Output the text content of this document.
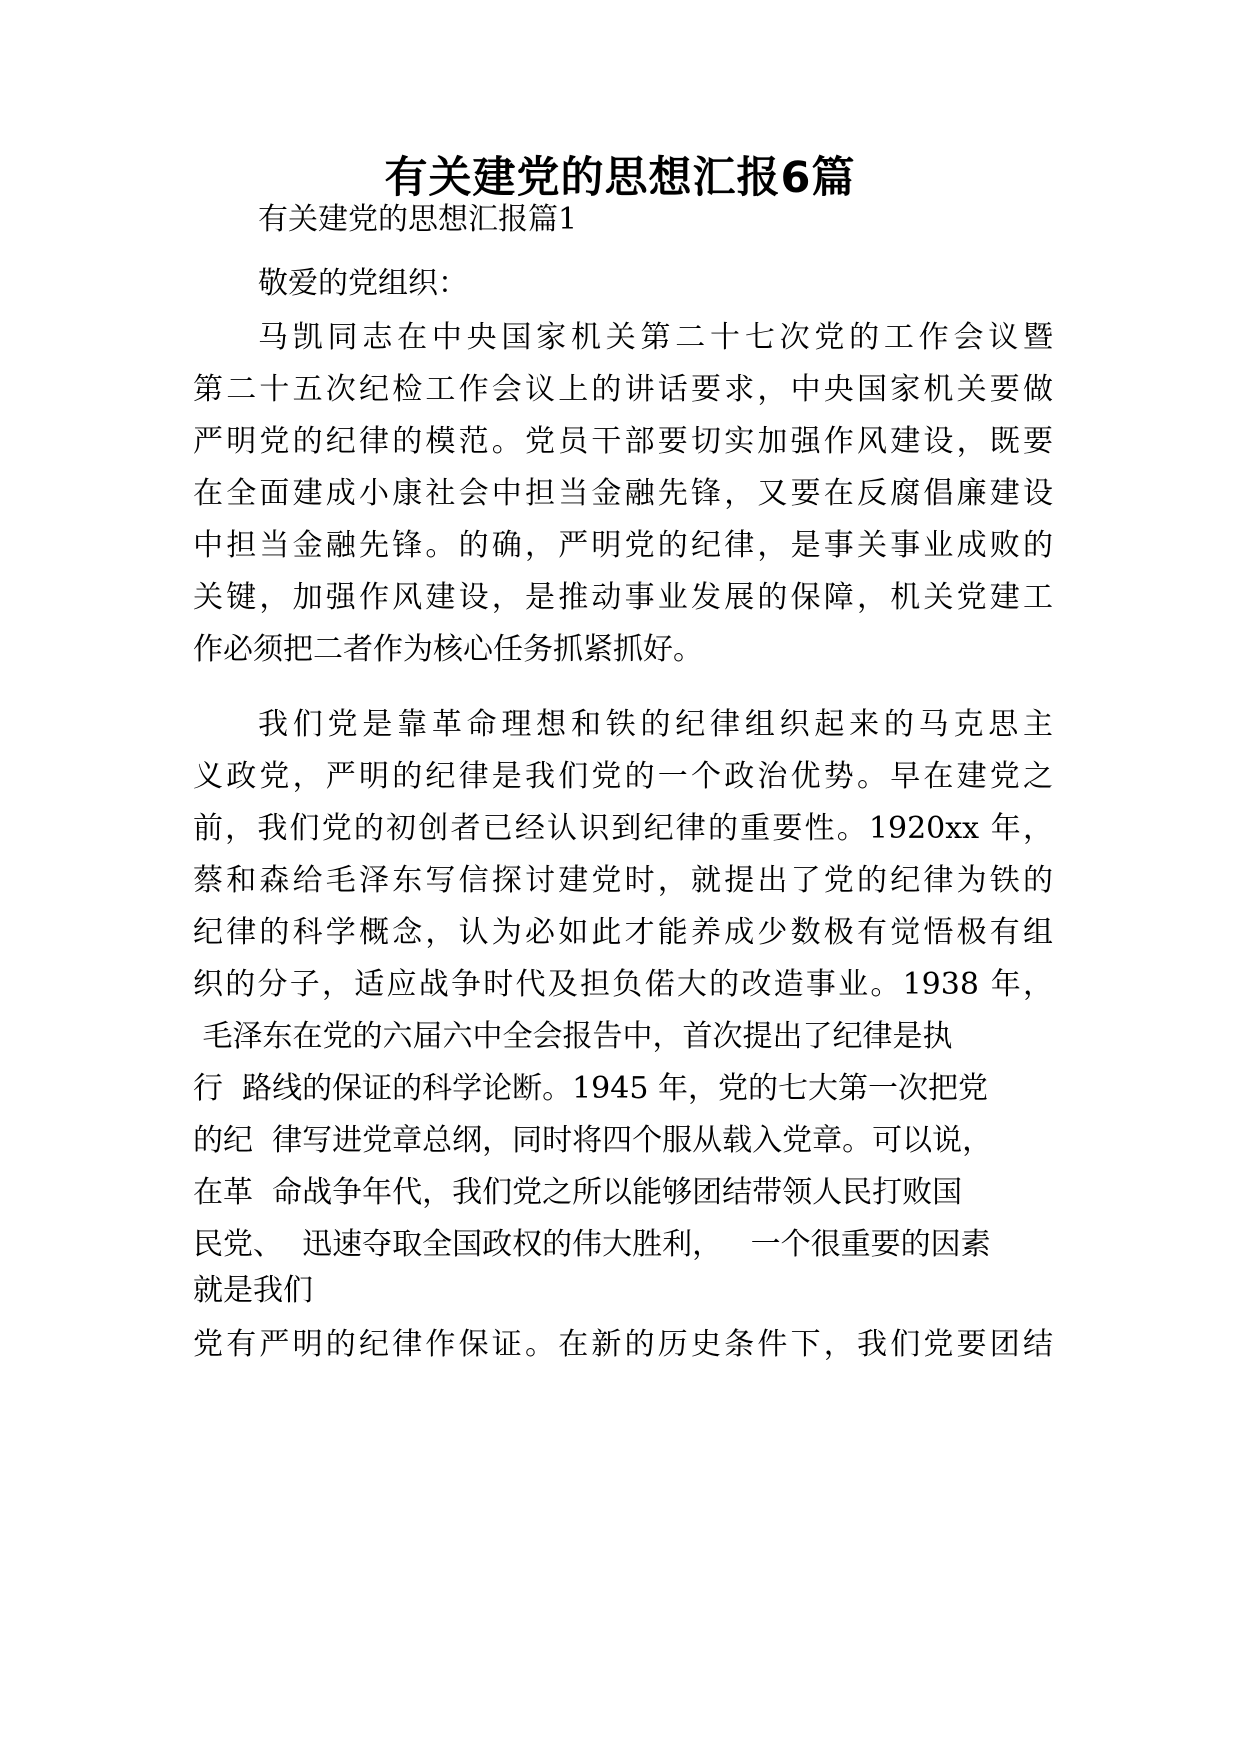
有关建党的思想汇报6篇

有关建党的思想汇报篇1

敬爱的党组织：

马凯同志在中央国家机关第二十七次党的工作会议暨

第二十五次纪检工作会议上的讲话要求，中央国家机关要做

严明党的纪律的模范。党员干部要切实加强作风建设，既要

在全面建成小康社会中担当金融先锋，又要在反腐倡廉建设

中担当金融先锋。的确，严明党的纪律，是事关事业成败的

关键，加强作风建设，是推动事业发展的保障，机关党建工

作必须把二者作为核心任务抓紧抓好。

我们党是靠革命理想和铁的纪律组织起来的马克思主

义政党，严明的纪律是我们党的一个政治优势。早在建党之

前，我们党的初创者已经认识到纪律的重要性。1920xx 年，

蔡和森给毛泽东写信探讨建党时，就提出了党的纪律为铁的

纪律的科学概念，认为必如此才能养成少数极有觉悟极有组

织的分子，适应战争时代及担负偌大的改造事业。1938 年，

毛泽东在党的六届六中全会报告中，首次提出了纪律是执

行  路线的保证的科学论断。1945 年，党的七大第一次把党

的纪  律写进党章总纲，同时将四个服从载入党章。可以说，

在革  命战争年代，我们党之所以能够团结带领人民打败国

民党、  迅速夺取全国政权的伟大胜利，   一个很重要的因素

就是我们

党有严明的纪律作保证。在新的历史条件下，我们党要团结
